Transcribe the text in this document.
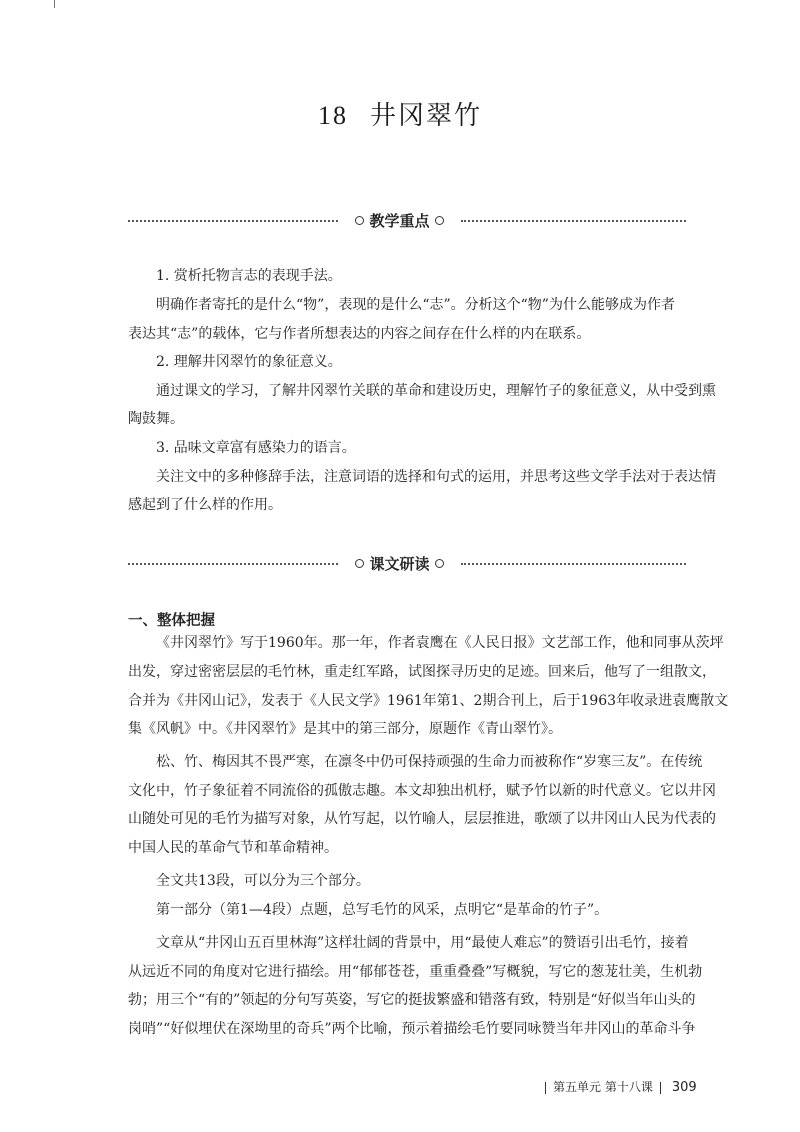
18 井冈翠竹
教学重点
1. 赏析托物言志的表现手法。
明确作者寄托的是什么“物”，表现的是什么“志”。分析这个“物”为什么能够成为作者
表达其“志”的载体，它与作者所想表达的内容之间存在什么样的内在联系。
2. 理解井冈翠竹的象征意义。
通过课文的学习，了解井冈翠竹关联的革命和建设历史，理解竹子的象征意义，从中受到熏
陶鼓舞。
3. 品味文章富有感染力的语言。
关注文中的多种修辞手法，注意词语的选择和句式的运用，并思考这些文学手法对于表达情
感起到了什么样的作用。
课文研读
一、整体把握
《井冈翠竹》写于1960年。那一年，作者袁鹰在《人民日报》文艺部工作，他和同事从茨坪
出发，穿过密密层层的毛竹林，重走红军路，试图探寻历史的足迹。回来后，他写了一组散文，
合并为《井冈山记》，发表于《人民文学》1961年第1、2期合刊上，后于1963年收录进袁鹰散文
集《风帆》中。《井冈翠竹》是其中的第三部分，原题作《青山翠竹》。
松、竹、梅因其不畏严寒，在凛冬中仍可保持顽强的生命力而被称作“岁寒三友”。在传统
文化中，竹子象征着不同流俗的孤傲志趣。本文却独出机杼，赋予竹以新的时代意义。它以井冈
山随处可见的毛竹为描写对象，从竹写起，以竹喻人，层层推进，歌颂了以井冈山人民为代表的
中国人民的革命气节和革命精神。
全文共13段，可以分为三个部分。
第一部分（第1—4段）点题，总写毛竹的风采，点明它“是革命的竹子”。
文章从“井冈山五百里林海”这样壮阔的背景中，用“最使人难忘”的赞语引出毛竹，接着
从远近不同的角度对它进行描绘。用“郁郁苍苍，重重叠叠”写概貌，写它的葱茏壮美，生机勃
勃；用三个“有的”领起的分句写英姿，写它的挺拔繁盛和错落有致，特别是“好似当年山头的
岗哨”“好似埋伏在深坳里的奇兵”两个比喻，预示着描绘毛竹要同咏赞当年井冈山的革命斗争
第五单元 第十八课 309
